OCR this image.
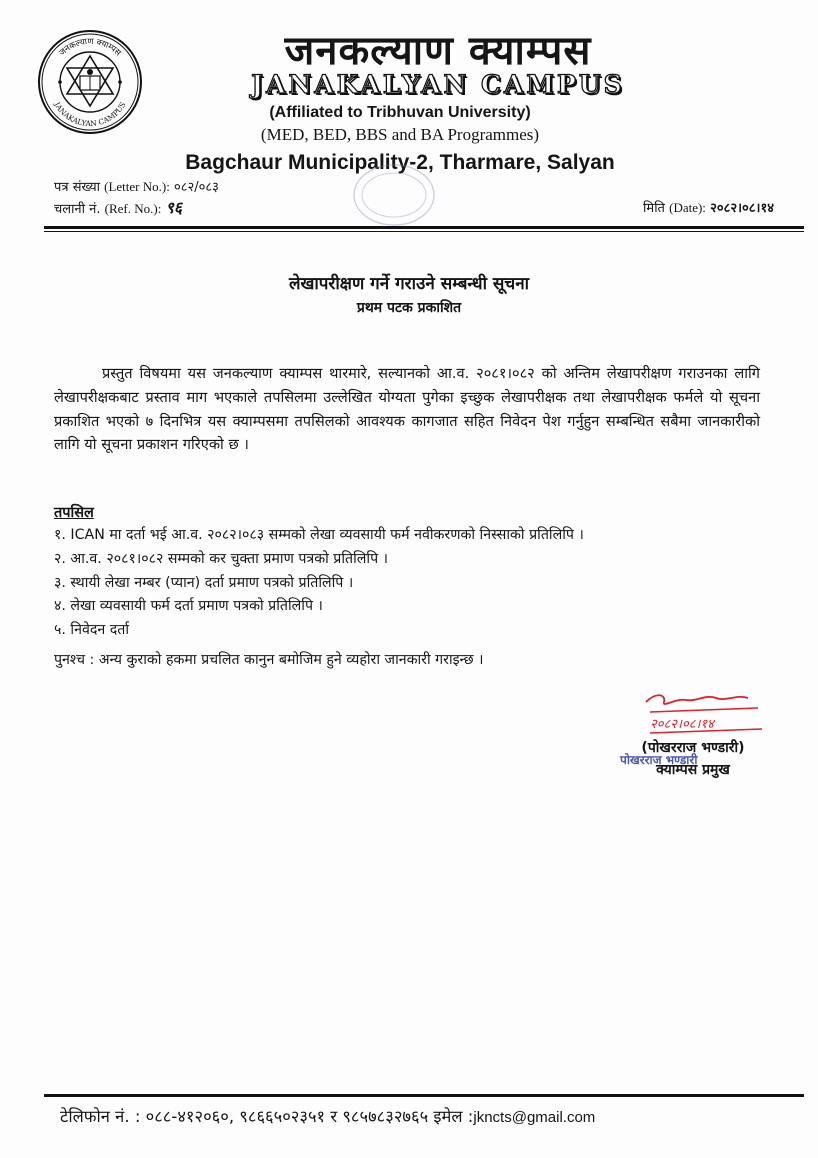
जनकल्याण क्याम्पस
JANAKALYAN CAMPUS
जनकल्याण क्याम्पस
JANAKALYAN CAMPUS
(Affiliated to Tribhuvan University)
(MED, BED, BBS and BA Programmes)
Bagchaur Municipality-2, Tharmare, Salyan
पत्र संख्या (Letter No.): ०८२/०८३
चलानी नं. (Ref. No.): ९६	मिति (Date): २०८२।०८।१४
लेखापरीक्षण गर्ने गराउने सम्बन्धी सूचना
प्रथम पटक प्रकाशित

प्रस्तुत विषयमा यस जनकल्याण क्याम्पस थारमारे, सल्यानको आ.व. २०८१।०८२ को अन्तिम लेखापरीक्षण गराउनका लागि लेखापरीक्षकबाट प्रस्ताव माग भएकाले तपसिलमा उल्लेखित योग्यता पुगेका इच्छुक लेखापरीक्षक तथा लेखापरीक्षक फर्मले यो सूचना प्रकाशित भएको ७ दिनभित्र यस क्याम्पसमा तपसिलको आवश्यक कागजात सहित निवेदन पेश गर्नुहुन सम्बन्धित सबैमा जानकारीको लागि यो सूचना प्रकाशन गरिएको छ ।

तपसिल
१. ICAN मा दर्ता भई आ.व. २०८२।०८३ सम्मको लेखा व्यवसायी फर्म नवीकरणको निस्साको प्रतिलिपि ।
२. आ.व. २०८१।०८२ सम्मको कर चुक्ता प्रमाण पत्रको प्रतिलिपि ।
३. स्थायी लेखा नम्बर (प्यान) दर्ता प्रमाण पत्रको प्रतिलिपि ।
४. लेखा व्यवसायी फर्म दर्ता प्रमाण पत्रको प्रतिलिपि ।
५. निवेदन दर्ता
पुनश्च : अन्य कुराको हकमा प्रचलित कानुन बमोजिम हुने व्यहोरा जानकारी गराइन्छ ।
२०८२।०८।१४
(पोखरराज भण्डारी)
पोखरराज भण्डारी
क्याम्पस प्रमुख
टेलिफोन नं. : ०८८-४१२०६०, ९८६६५०२३५१ र ९८५७८३२७६५ इमेल :jkncts@gmail.com
